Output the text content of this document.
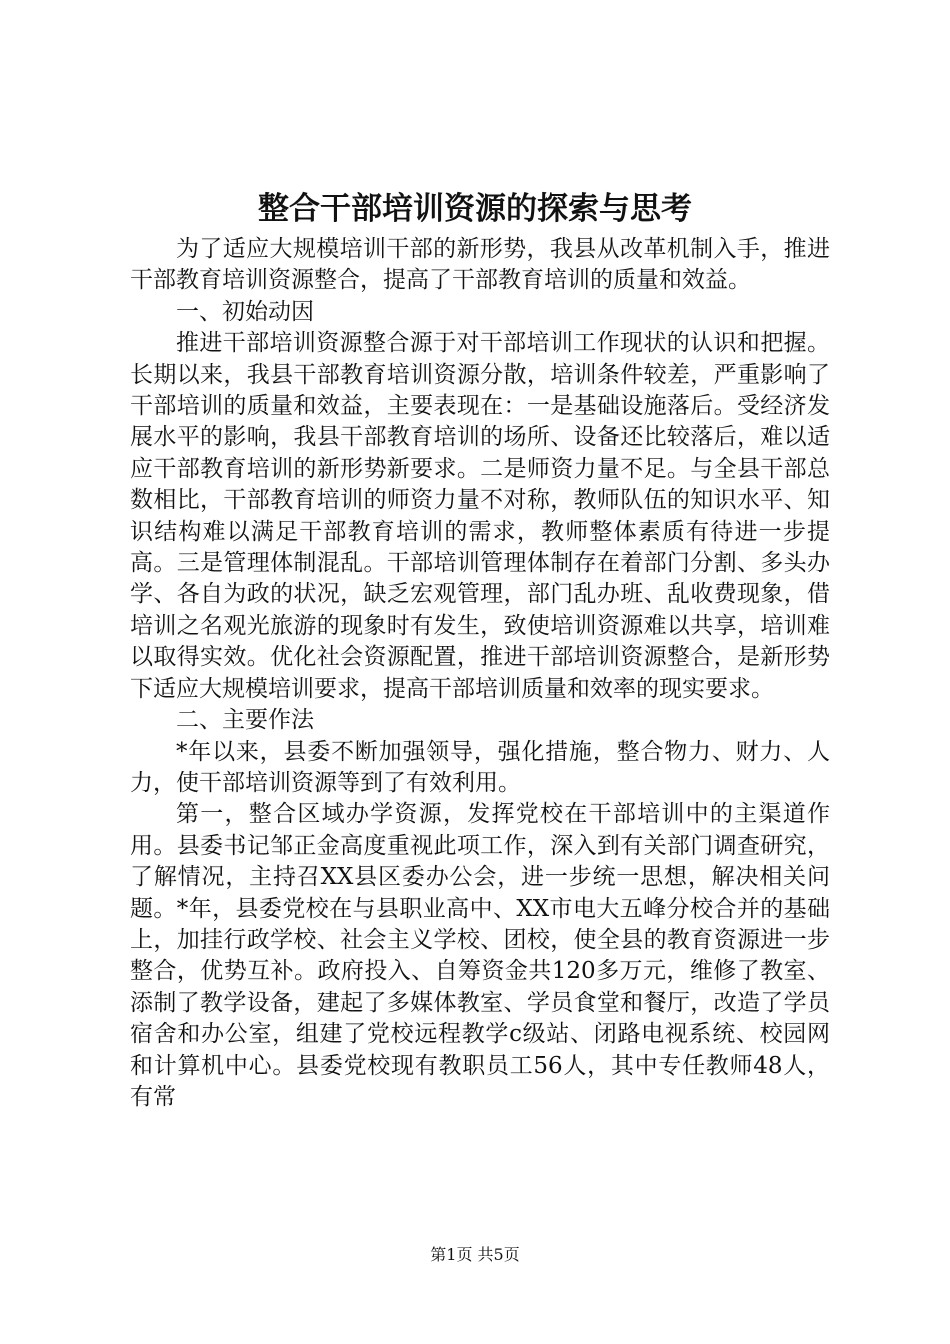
整合干部培训资源的探索与思考

为了适应大规模培训干部的新形势，我县从改革机制入手，推进干部教育培训资源整合，提高了干部教育培训的质量和效益。

一、初始动因

推进干部培训资源整合源于对干部培训工作现状的认识和把握。长期以来，我县干部教育培训资源分散，培训条件较差，严重影响了干部培训的质量和效益，主要表现在：一是基础设施落后。受经济发展水平的影响，我县干部教育培训的场所、设备还比较落后，难以适应干部教育培训的新形势新要求。二是师资力量不足。与全县干部总数相比，干部教育培训的师资力量不对称，教师队伍的知识水平、知识结构难以满足干部教育培训的需求，教师整体素质有待进一步提高。三是管理体制混乱。干部培训管理体制存在着部门分割、多头办学、各自为政的状况，缺乏宏观管理，部门乱办班、乱收费现象，借培训之名观光旅游的现象时有发生，致使培训资源难以共享，培训难以取得实效。优化社会资源配置，推进干部培训资源整合，是新形势下适应大规模培训要求，提高干部培训质量和效率的现实要求。

二、主要作法

*年以来，县委不断加强领导，强化措施，整合物力、财力、人力，使干部培训资源等到了有效利用。

第一，整合区域办学资源，发挥党校在干部培训中的主渠道作用。县委书记邹正金高度重视此项工作，深入到有关部门调查研究，了解情况，主持召XX县区委办公会，进一步统一思想，解决相关问题。*年，县委党校在与县职业高中、XX市电大五峰分校合并的基础上，加挂行政学校、社会主义学校、团校，使全县的教育资源进一步整合，优势互补。政府投入、自筹资金共120多万元，维修了教室、添制了教学设备，建起了多媒体教室、学员食堂和餐厅，改造了学员宿舍和办公室，组建了党校远程教学c级站、闭路电视系统、校园网和计算机中心。县委党校现有教职员工56人，其中专任教师48人，有常

第1页 共5页
